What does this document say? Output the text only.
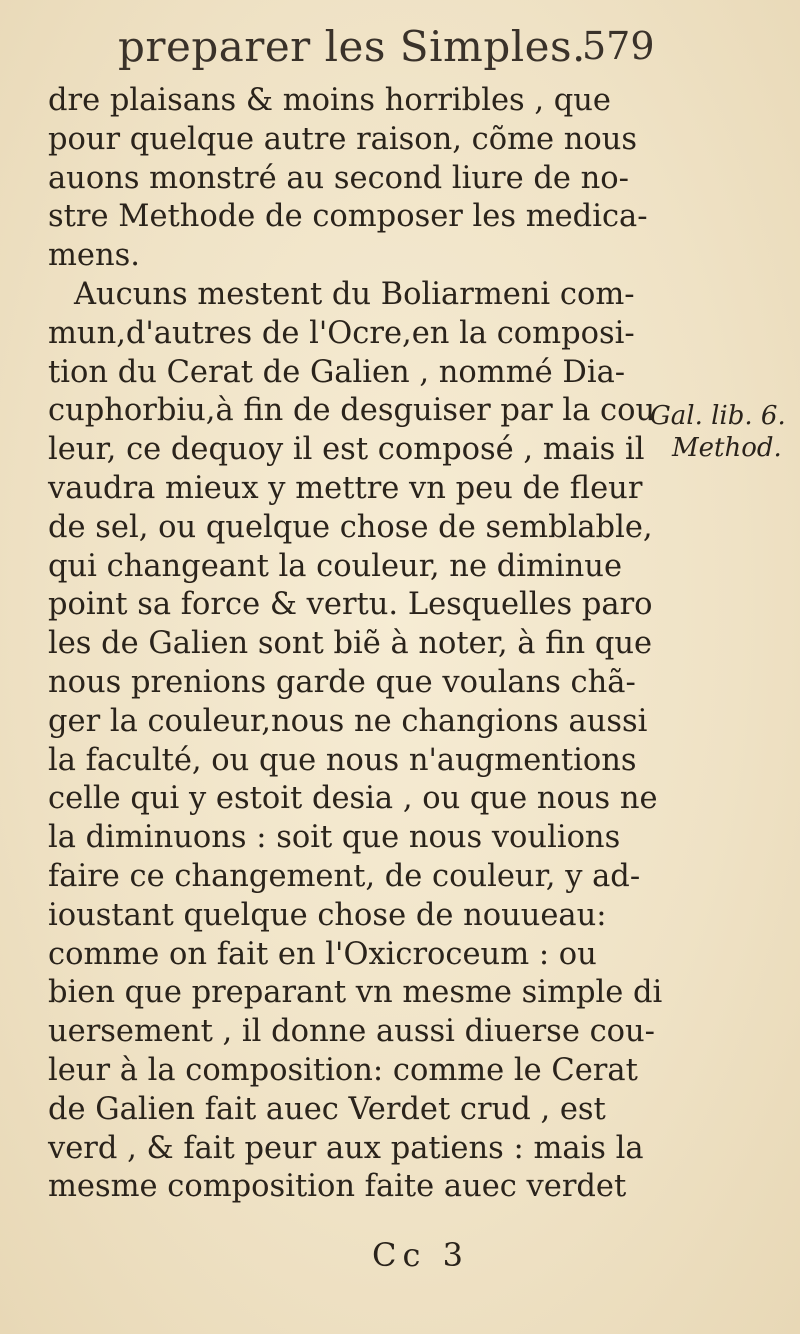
preparer les Simples.
579
dre plaisans & moins horribles , que
pour quelque autre raison, cõme nous
auons monstré au second liure de no-
stre Methode de composer les medica-
mens.
Aucuns mestent du Boliarmeni com-
mun,d'autres de l'Ocre,en la composi-
tion du Cerat de Galien , nommé Dia-
cuphorbiu,à fin de desguiser par la cou
leur, ce dequoy il est composé , mais il
vaudra mieux y mettre vn peu de fleur
de sel, ou quelque chose de semblable,
qui changeant la couleur, ne diminue
point sa force & vertu. Lesquelles paro
les de Galien sont biẽ à noter, à fin que
nous prenions garde que voulans chã-
ger la couleur,nous ne changions aussi
la faculté, ou que nous n'augmentions
celle qui y estoit desia , ou que nous ne
la diminuons : soit que nous voulions
faire ce changement, de couleur, y ad-
ioustant quelque chose de nouueau:
comme on fait en l'Oxicroceum : ou
bien que preparant vn mesme simple di
uersement , il donne aussi diuerse cou-
leur à la composition: comme le Cerat
de Galien fait auec Verdet crud , est
verd , & fait peur aux patiens : mais la
mesme composition faite auec verdet
Gal. lib. 6.
Method.
Cc 3
